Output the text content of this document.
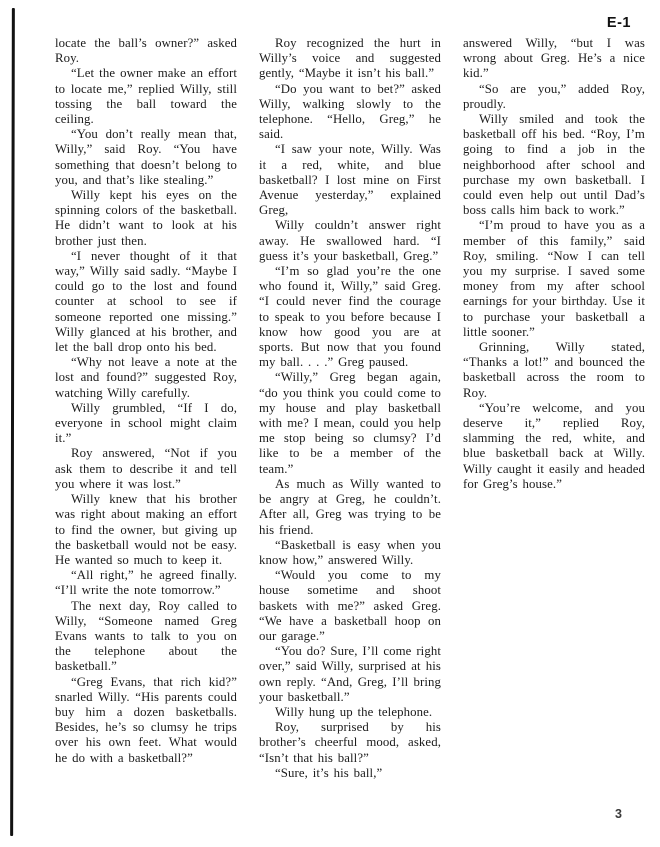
E-1

locate the ball’s owner?” asked Roy.

“Let the owner make an effort to locate me,” replied Willy, still tossing the ball toward the ceiling.

“You don’t really mean that, Willy,” said Roy. “You have something that doesn’t belong to you, and that’s like stealing.”

Willy kept his eyes on the spinning colors of the basketball. He didn’t want to look at his brother just then.

“I never thought of it that way,” Willy said sadly. “Maybe I could go to the lost and found counter at school to see if someone reported one missing.” Willy glanced at his brother, and let the ball drop onto his bed.

“Why not leave a note at the lost and found?” suggested Roy, watching Willy carefully.

Willy grumbled, “If I do, everyone in school might claim it.”

Roy answered, “Not if you ask them to describe it and tell you where it was lost.”

Willy knew that his brother was right about making an effort to find the owner, but giving up the basketball would not be easy. He wanted so much to keep it.

“All right,” he agreed finally. “I’ll write the note tomorrow.”

The next day, Roy called to Willy, “Someone named Greg Evans wants to talk to you on the telephone about the basketball.”

“Greg Evans, that rich kid?” snarled Willy. “His parents could buy him a dozen basketballs. Besides, he’s so clumsy he trips over his own feet. What would he do with a basketball?”

Roy recognized the hurt in Willy’s voice and suggested gently, “Maybe it isn’t his ball.”

“Do you want to bet?” asked Willy, walking slowly to the telephone. “Hello, Greg,” he said.

“I saw your note, Willy. Was it a red, white, and blue basketball? I lost mine on First Avenue yesterday,” explained Greg,

Willy couldn’t answer right away. He swallowed hard. “I guess it’s your basketball, Greg.”

“I’m so glad you’re the one who found it, Willy,” said Greg. “I could never find the courage to speak to you before because I know how good you are at sports. But now that you found my ball. . . .” Greg paused.

“Willy,” Greg began again, “do you think you could come to my house and play basketball with me? I mean, could you help me stop being so clumsy? I’d like to be a member of the team.”

As much as Willy wanted to be angry at Greg, he couldn’t. After all, Greg was trying to be his friend.

“Basketball is easy when you know how,” answered Willy.

“Would you come to my house sometime and shoot baskets with me?” asked Greg. “We have a basketball hoop on our garage.”

“You do? Sure, I’ll come right over,” said Willy, surprised at his own reply. “And, Greg, I’ll bring your basketball.”

Willy hung up the telephone.

Roy, surprised by his brother’s cheerful mood, asked, “Isn’t that his ball?”

“Sure, it’s his ball,”

answered Willy, “but I was wrong about Greg. He’s a nice kid.”

“So are you,” added Roy, proudly.

Willy smiled and took the basketball off his bed. “Roy, I’m going to find a job in the neighborhood after school and purchase my own basketball. I could even help out until Dad’s boss calls him back to work.”

“I’m proud to have you as a member of this family,” said Roy, smiling. “Now I can tell you my surprise. I saved some money from my after school earnings for your birthday. Use it to purchase your basketball a little sooner.”

Grinning, Willy stated, “Thanks a lot!” and bounced the basketball across the room to Roy.

“You’re welcome, and you deserve it,” replied Roy, slamming the red, white, and blue basketball back at Willy. Willy caught it easily and headed for Greg’s house.”

3
